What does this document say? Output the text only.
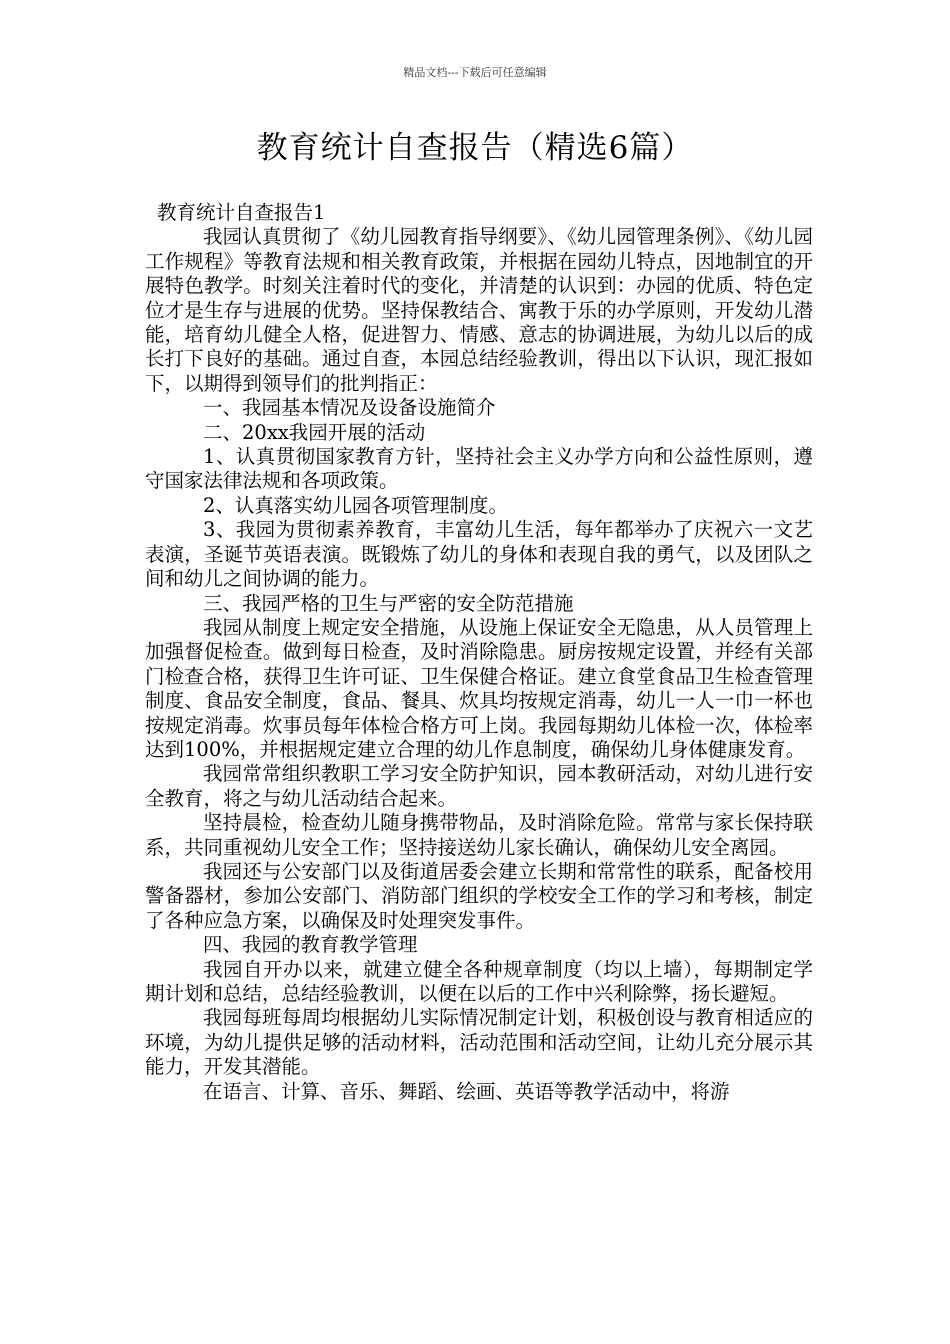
精品文档---下载后可任意编辑
教育统计自查报告（精选6篇）

教育统计自查报告1

我园认真贯彻了《幼儿园教育指导纲要》、《幼儿园管理条例》、《幼儿园工作规程》等教育法规和相关教育政策，并根据在园幼儿特点，因地制宜的开展特色教学。时刻关注着时代的变化，并清楚的认识到：办园的优质、特色定位才是生存与进展的优势。坚持保教结合、寓教于乐的办学原则，开发幼儿潜能，培育幼儿健全人格，促进智力、情感、意志的协调进展，为幼儿以后的成长打下良好的基础。通过自查，本园总结经验教训，得出以下认识，现汇报如下，以期得到领导们的批判指正：

一、我园基本情况及设备设施简介

二、20xx我园开展的活动

1、认真贯彻国家教育方针，坚持社会主义办学方向和公益性原则，遵守国家法律法规和各项政策。

2、认真落实幼儿园各项管理制度。

3、我园为贯彻素养教育，丰富幼儿生活，每年都举办了庆祝六一文艺表演，圣诞节英语表演。既锻炼了幼儿的身体和表现自我的勇气，以及团队之间和幼儿之间协调的能力。

三、我园严格的卫生与严密的安全防范措施

我园从制度上规定安全措施，从设施上保证安全无隐患，从人员管理上加强督促检查。做到每日检查，及时消除隐患。厨房按规定设置，并经有关部门检查合格，获得卫生许可证、卫生保健合格证。建立食堂食品卫生检查管理制度、食品安全制度，食品、餐具、炊具均按规定消毒，幼儿一人一巾一杯也按规定消毒。炊事员每年体检合格方可上岗。我园每期幼儿体检一次，体检率达到100%，并根据规定建立合理的幼儿作息制度，确保幼儿身体健康发育。

我园常常组织教职工学习安全防护知识，园本教研活动，对幼儿进行安全教育，将之与幼儿活动结合起来。

坚持晨检，检查幼儿随身携带物品，及时消除危险。常常与家长保持联系，共同重视幼儿安全工作；坚持接送幼儿家长确认，确保幼儿安全离园。

我园还与公安部门以及街道居委会建立长期和常常性的联系，配备校用警备器材，参加公安部门、消防部门组织的学校安全工作的学习和考核，制定了各种应急方案，以确保及时处理突发事件。

四、我园的教育教学管理

我园自开办以来，就建立健全各种规章制度（均以上墙），每期制定学期计划和总结，总结经验教训，以便在以后的工作中兴利除弊，扬长避短。

我园每班每周均根据幼儿实际情况制定计划，积极创设与教育相适应的环境，为幼儿提供足够的活动材料，活动范围和活动空间，让幼儿充分展示其能力，开发其潜能。

在语言、计算、音乐、舞蹈、绘画、英语等教学活动中，将游
